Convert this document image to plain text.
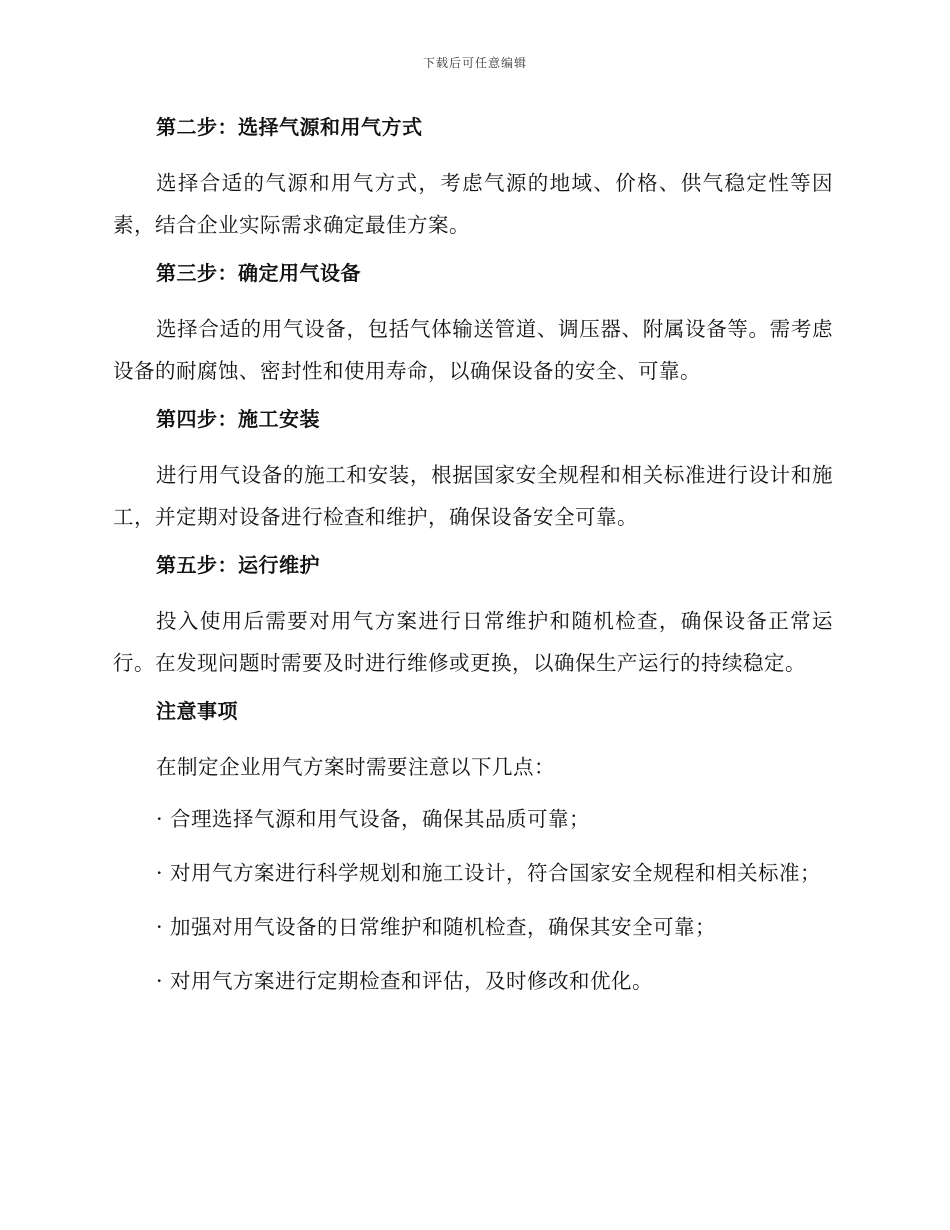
下载后可任意编辑
第二步：选择气源和用气方式

选择合适的气源和用气方式，考虑气源的地域、价格、供气稳定性等因素，结合企业实际需求确定最佳方案。

第三步：确定用气设备

选择合适的用气设备，包括气体输送管道、调压器、附属设备等。需考虑设备的耐腐蚀、密封性和使用寿命，以确保设备的安全、可靠。

第四步：施工安装

进行用气设备的施工和安装，根据国家安全规程和相关标准进行设计和施工，并定期对设备进行检查和维护，确保设备安全可靠。

第五步：运行维护

投入使用后需要对用气方案进行日常维护和随机检查，确保设备正常运行。在发现问题时需要及时进行维修或更换，以确保生产运行的持续稳定。

注意事项

在制定企业用气方案时需要注意以下几点：

· 合理选择气源和用气设备，确保其品质可靠；

· 对用气方案进行科学规划和施工设计，符合国家安全规程和相关标准；

· 加强对用气设备的日常维护和随机检查，确保其安全可靠；

· 对用气方案进行定期检查和评估，及时修改和优化。
